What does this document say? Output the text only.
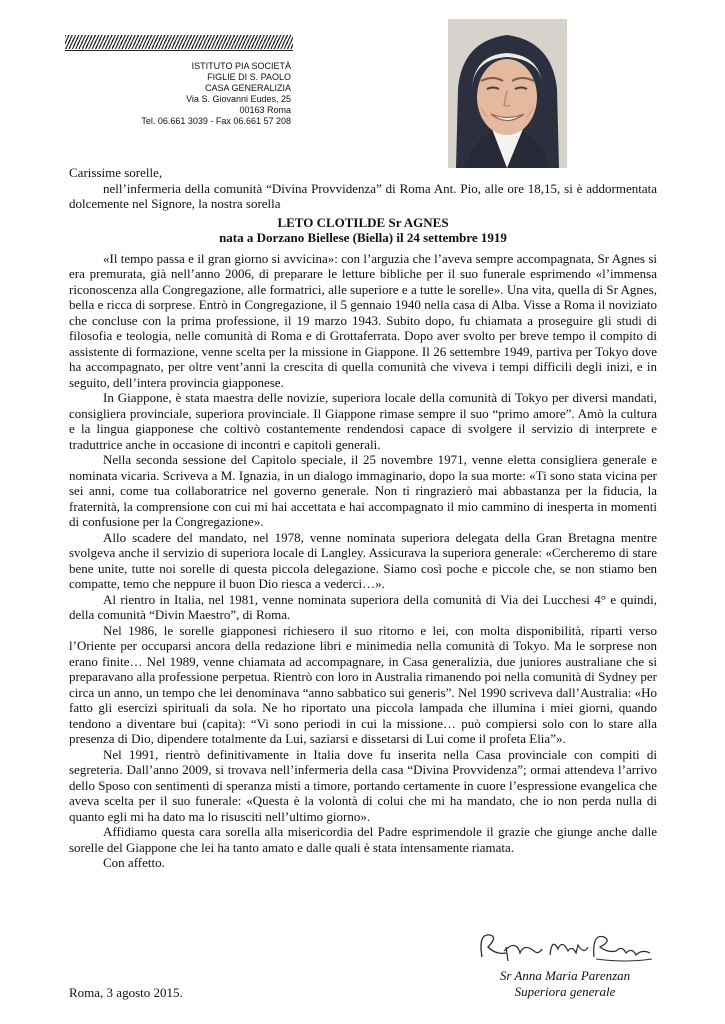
ISTITUTO PIA SOCIETÀ
FIGLIE DI S. PAOLO
CASA GENERALIZIA
Via S. Giovanni Eudes, 25
00163 Roma
Tel. 06.661 3039 - Fax 06.661 57 208

Carissime sorelle,

nell’infermeria della comunità “Divina Provvidenza” di Roma Ant. Pio, alle ore 18,15, si è addormentata dolcemente nel Signore, la nostra sorella

LETO CLOTILDE Sr AGNES

nata a Dorzano Biellese (Biella) il 24 settembre 1919

«Il tempo passa e il gran giorno si avvicina»: con l’arguzia che l’aveva sempre accompagnata, Sr Agnes si era premurata, già nell’anno 2006, di preparare le letture bibliche per il suo funerale esprimendo «l’immensa riconoscenza alla Congregazione, alle formatrici, alle superiore e a tutte le sorelle». Una vita, quella di Sr Agnes, bella e ricca di sorprese. Entrò in Congregazione, il 5 gennaio 1940 nella casa di Alba. Visse a Roma il noviziato che concluse con la prima professione, il 19 marzo 1943. Subito dopo, fu chiamata a proseguire gli studi di filosofia e teologia, nelle comunità di Roma e di Grottaferrata. Dopo aver svolto per breve tempo il compito di assistente di formazione, venne scelta per la missione in Giappone. Il 26 settembre 1949, partiva per Tokyo dove ha accompagnato, per oltre vent’anni la crescita di quella comunità che viveva i tempi difficili degli inizi, e in seguito, dell’intera provincia giapponese.

In Giappone, è stata maestra delle novizie, superiora locale della comunità di Tokyo per diversi mandati, consigliera provinciale, superiora provinciale. Il Giappone rimase sempre il suo “primo amore”. Amò la cultura e la lingua giapponese che coltivò costantemente rendendosi capace di svolgere il servizio di interprete e traduttrice anche in occasione di incontri e capitoli generali.

Nella seconda sessione del Capitolo speciale, il 25 novembre 1971, venne eletta consigliera generale e nominata vicaria. Scriveva a M. Ignazia, in un dialogo immaginario, dopo la sua morte: «Ti sono stata vicina per sei anni, come tua collaboratrice nel governo generale. Non ti ringrazierò mai abbastanza per la fiducia, la fraternità, la comprensione con cui mi hai accettata e hai accompagnato il mio cammino di inesperta in momenti di confusione per la Congregazione».

Allo scadere del mandato, nel 1978, venne nominata superiora delegata della Gran Bretagna mentre svolgeva anche il servizio di superiora locale di Langley. Assicurava la superiora generale: «Cercheremo di stare bene unite, tutte noi sorelle di questa piccola delegazione. Siamo così poche e piccole che, se non stiamo ben compatte, temo che neppure il buon Dio riesca a vederci…».

Al rientro in Italia, nel 1981, venne nominata superiora della comunità di Via dei Lucchesi 4° e quindi, della comunità “Divin Maestro”, di Roma.

Nel 1986, le sorelle giapponesi richiesero il suo ritorno e lei, con molta disponibilità, ripartì verso l’Oriente per occuparsi ancora della redazione libri e minimedia nella comunità di Tokyo. Ma le sorprese non erano finite… Nel 1989, venne chiamata ad accompagnare, in Casa generalizia, due juniores australiane che si preparavano alla professione perpetua. Rientrò con loro in Australia rimanendo poi nella comunità di Sydney per circa un anno, un tempo che lei denominava “anno sabbatico sui generis”. Nel 1990 scriveva dall’Australia: «Ho fatto gli esercizi spirituali da sola. Ne ho riportato una piccola lampada che illumina i miei giorni, quando tendono a diventare bui (capita): “Vi sono periodi in cui la missione… può compiersi solo con lo stare alla presenza di Dio, dipendere totalmente da Lui, saziarsi e dissetarsi di Lui come il profeta Elia”».

Nel 1991, rientrò definitivamente in Italia dove fu inserita nella Casa provinciale con compiti di segreteria. Dall’anno 2009, si trovava nell’infermeria della casa “Divina Provvidenza”; ormai attendeva l’arrivo dello Sposo con sentimenti di speranza misti a timore, portando certamente in cuore l’espressione evangelica che aveva scelta per il suo funerale: «Questa è la volontà di colui che mi ha mandato, che io non perda nulla di quanto egli mi ha dato ma lo risusciti nell’ultimo giorno».

Affidiamo questa cara sorella alla misericordia del Padre esprimendole il grazie che giunge anche dalle sorelle del Giappone che lei ha tanto amato e dalle quali è stata intensamente riamata.

Con affetto.

Sr Anna Maria Parenzan
Superiora generale
Roma, 3 agosto 2015.
